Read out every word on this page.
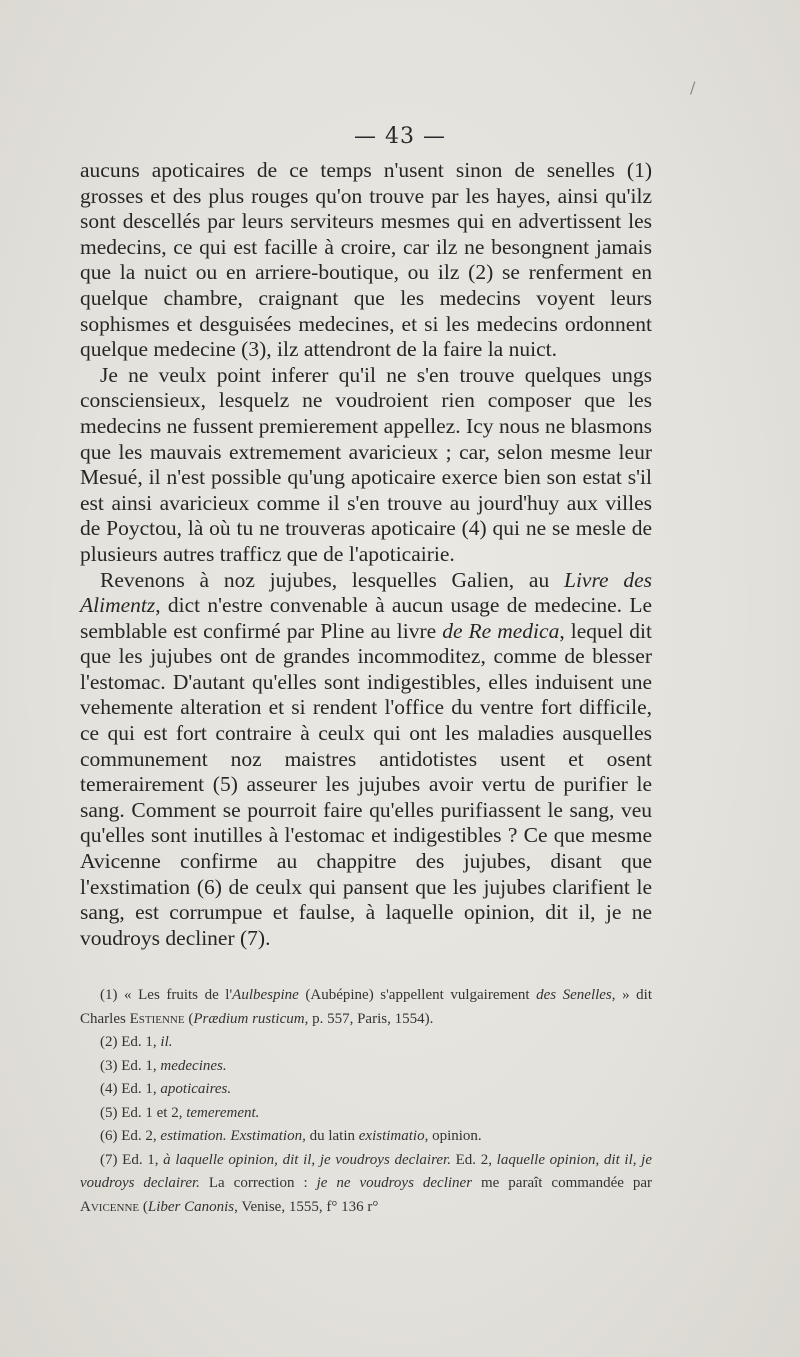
/
— 43 —

aucuns apoticaires de ce temps n'usent sinon de senelles (1) grosses et des plus rouges qu'on trouve par les hayes, ainsi qu'ilz sont descellés par leurs serviteurs mesmes qui en advertissent les medecins, ce qui est facille à croire, car ilz ne besongnent jamais que la nuict ou en arriere-boutique, ou ilz (2) se renferment en quelque chambre, craignant que les medecins voyent leurs sophismes et desguisées medecines, et si les medecins ordonnent quelque medecine (3), ilz attendront de la faire la nuict.

Je ne veulx point inferer qu'il ne s'en trouve quelques ungs consciensieux, lesquelz ne voudroient rien composer que les medecins ne fussent premierement appellez. Icy nous ne blasmons que les mauvais extremement avaricieux ; car, selon mesme leur Mesué, il n'est possible qu'ung apoticaire exerce bien son estat s'il est ainsi avaricieux comme il s'en trouve au jourd'huy aux villes de Poyctou, là où tu ne trouveras apoticaire (4) qui ne se mesle de plusieurs autres trafficz que de l'apoticairie.

Revenons à noz jujubes, lesquelles Galien, au Livre des Alimentz, dict n'estre convenable à aucun usage de medecine. Le semblable est confirmé par Pline au livre de Re medica, lequel dit que les jujubes ont de grandes incommoditez, comme de blesser l'estomac. D'autant qu'elles sont indigestibles, elles induisent une vehemente alteration et si rendent l'office du ventre fort difficile, ce qui est fort contraire à ceulx qui ont les maladies ausquelles communement noz maistres antidotistes usent et osent temerairement (5) asseurer les jujubes avoir vertu de purifier le sang. Comment se pourroit faire qu'elles purifiassent le sang, veu qu'elles sont inutilles à l'estomac et indigestibles ? Ce que mesme Avicenne confirme au chappitre des jujubes, disant que l'exstimation (6) de ceulx qui pansent que les jujubes clarifient le sang, est corrumpue et faulse, à laquelle opinion, dit il, je ne voudroys decliner (7).

(1) « Les fruits de l'Aulbespine (Aubépine) s'appellent vulgairement des Senelles, » dit Charles Estienne (Prædium rusticum, p. 557, Paris, 1554).

(2) Ed. 1, il.

(3) Ed. 1, medecines.

(4) Ed. 1, apoticaires.

(5) Ed. 1 et 2, temerement.

(6) Ed. 2, estimation. Exstimation, du latin existimatio, opinion.

(7) Ed. 1, à laquelle opinion, dit il, je voudroys declairer. Ed. 2, laquelle opinion, dit il, je voudroys declairer. La correction : je ne voudroys decliner me paraît commandée par Avicenne (Liber Canonis, Venise, 1555, f° 136 r°
